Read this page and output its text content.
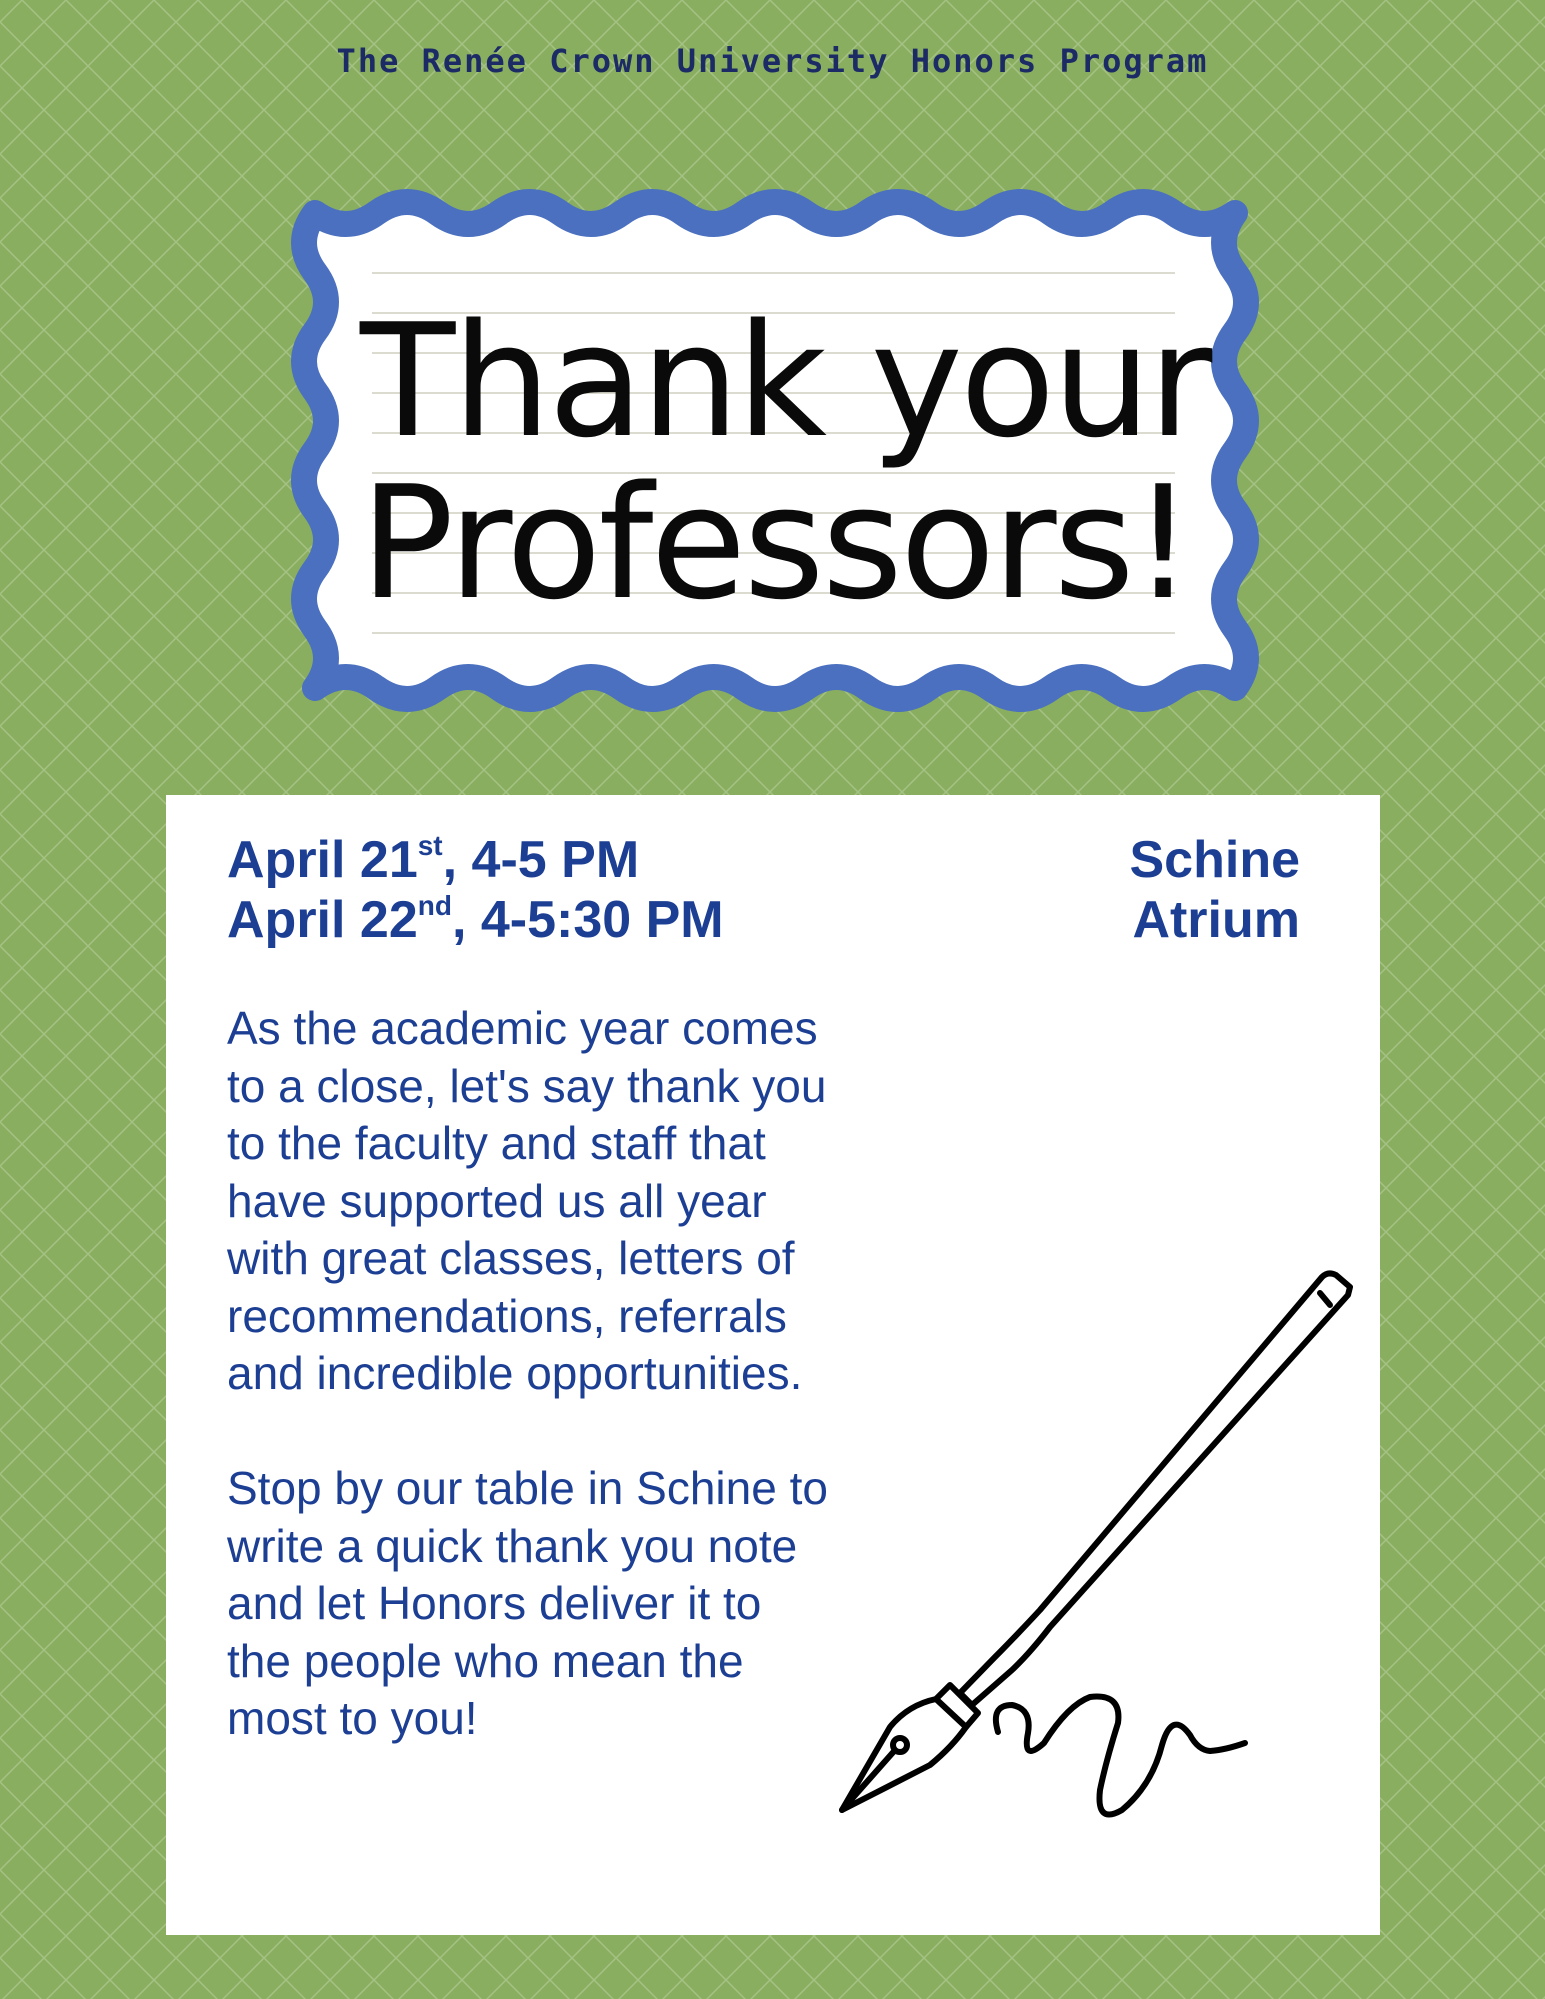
The Renée Crown University Honors Program
Thank your
Professors!
April 21st, 4-5 PM
April 22nd, 4-5:30 PM
Schine
Atrium
As the academic year comes
to a close, let's say thank you
to the faculty and staff that
have supported us all year
with great classes, letters of
recommendations, referrals
and incredible opportunities.
Stop by our table in Schine to
write a quick thank you note
and let Honors deliver it to
the people who mean the
most to you!
